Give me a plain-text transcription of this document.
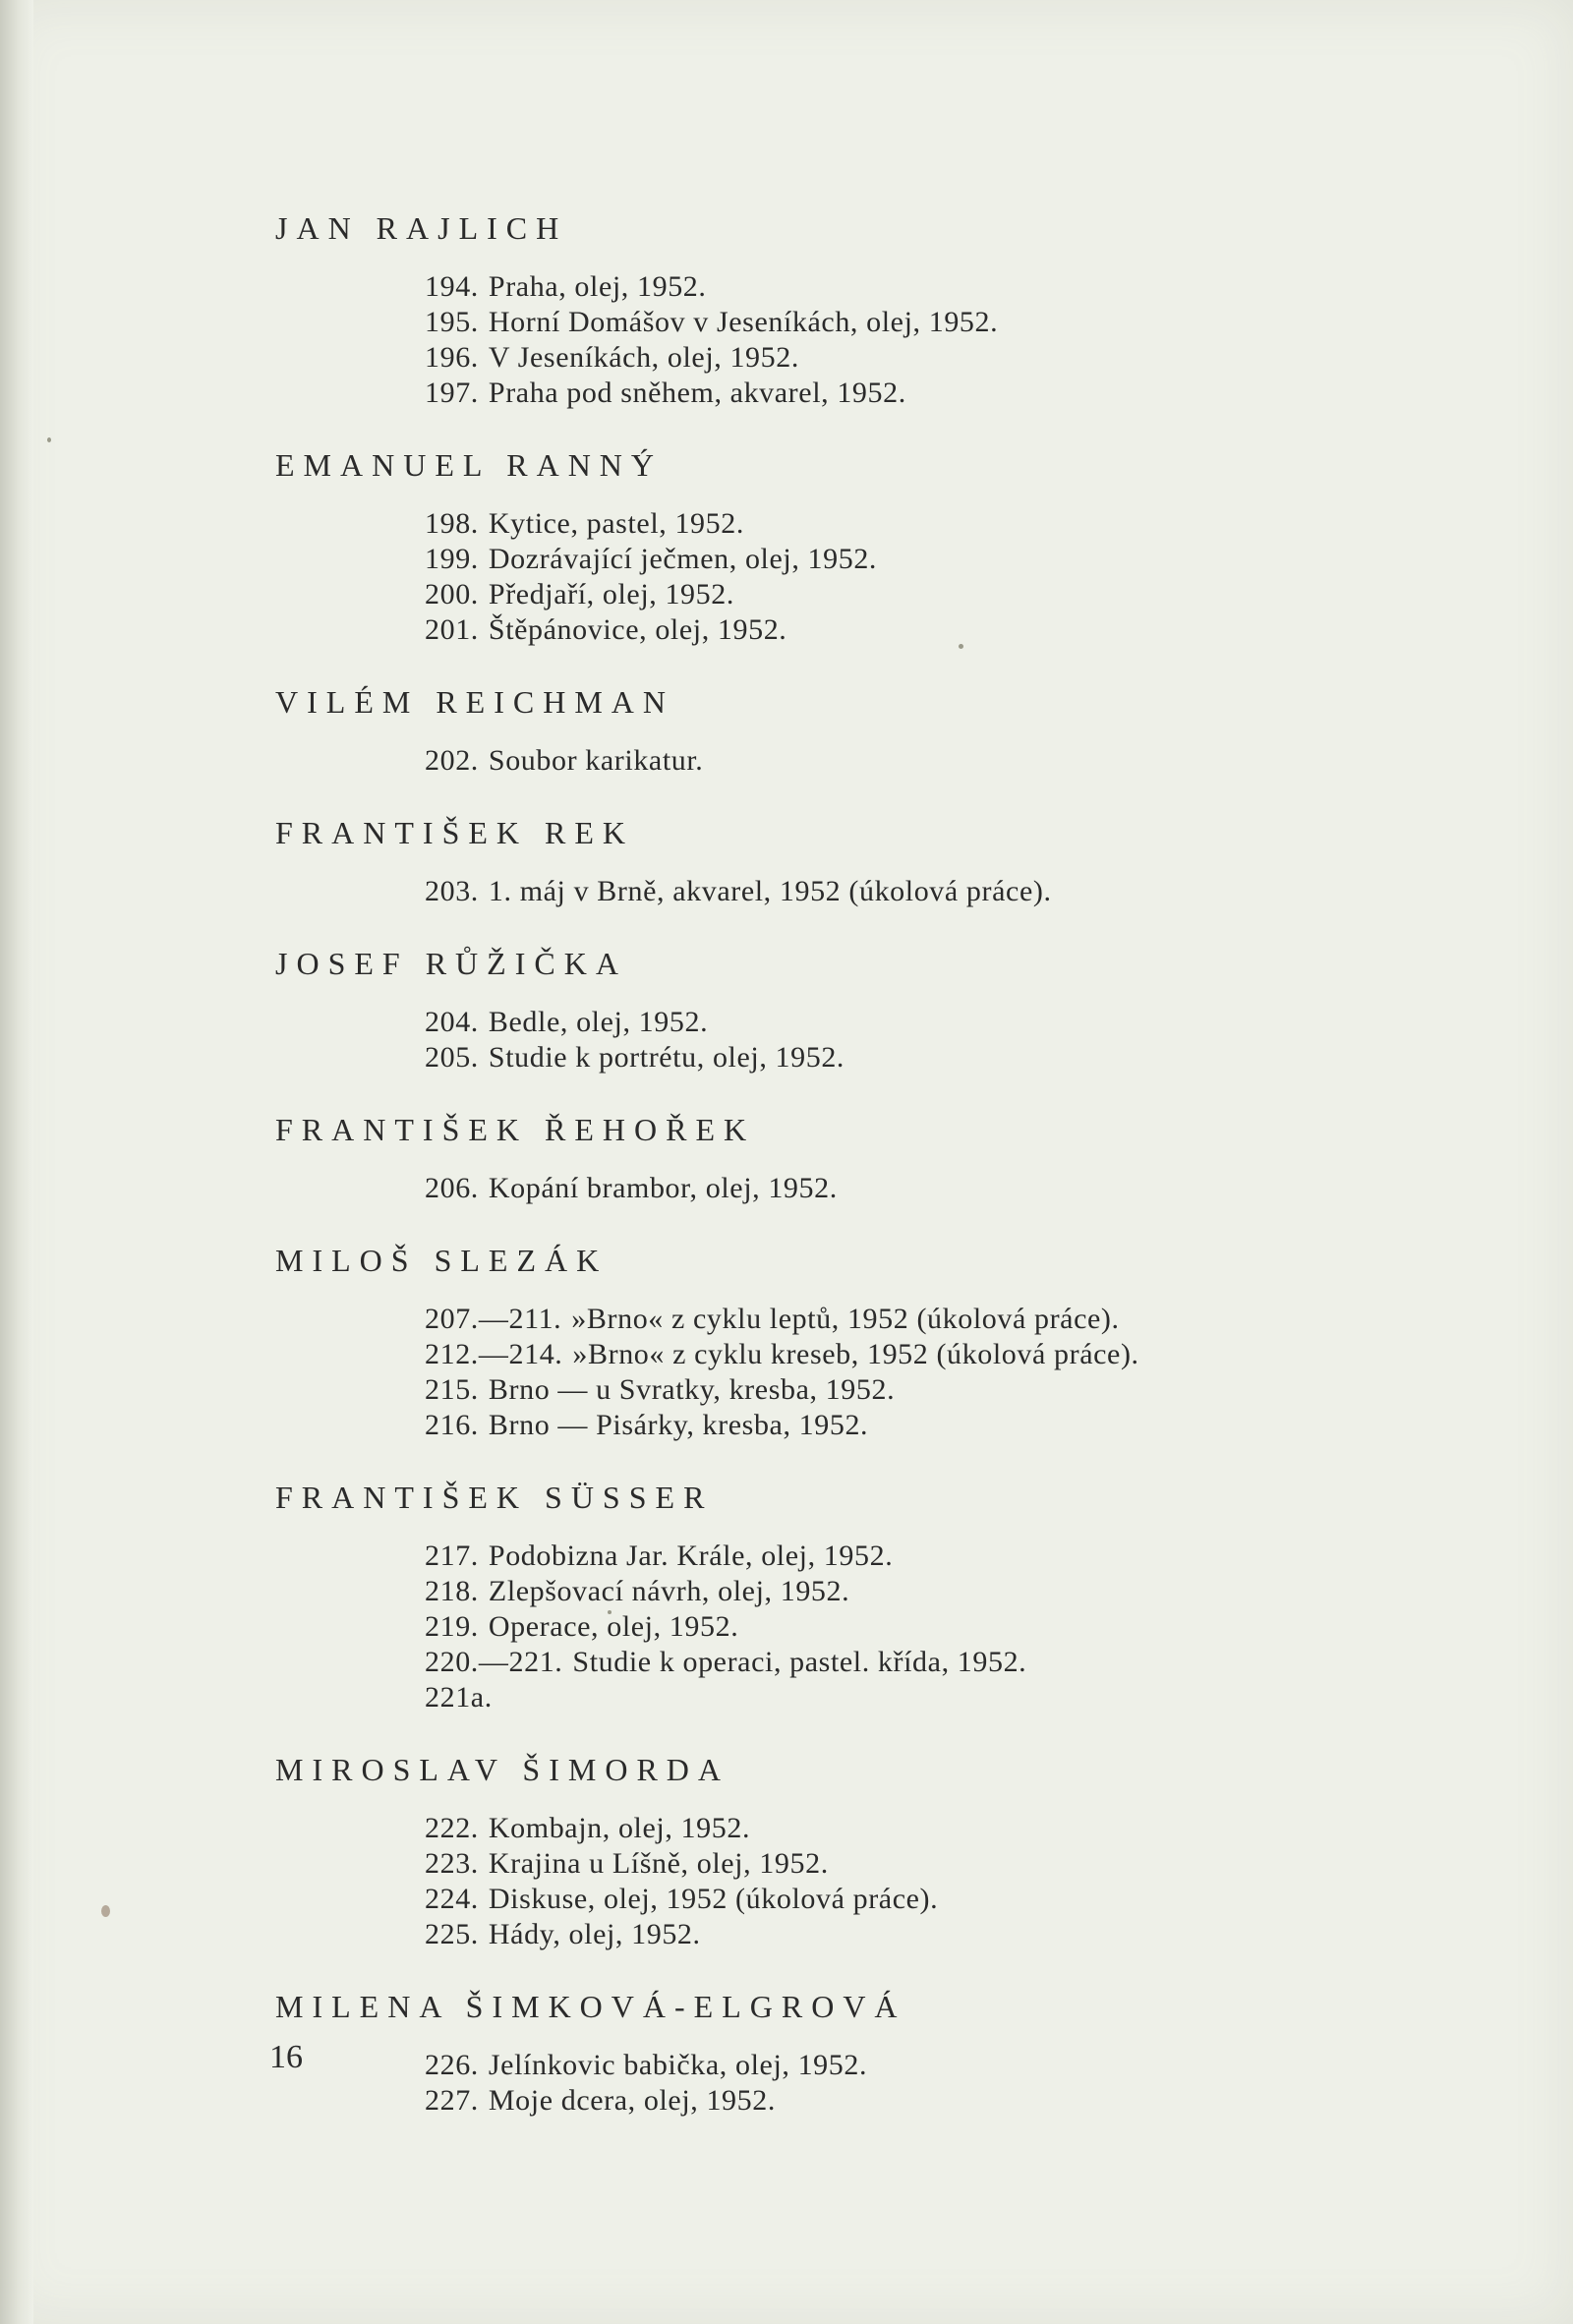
JAN RAJLICH
194. Praha, olej, 1952.
195. Horní Domášov v Jeseníkách, olej, 1952.
196. V Jeseníkách, olej, 1952.
197. Praha pod sněhem, akvarel, 1952.
EMANUEL RANNÝ
198. Kytice, pastel, 1952.
199. Dozrávající ječmen, olej, 1952.
200. Předjaří, olej, 1952.
201. Štěpánovice, olej, 1952.
VILÉM REICHMAN
202. Soubor karikatur.
FRANTIŠEK REK
203. 1. máj v Brně, akvarel, 1952 (úkolová práce).
JOSEF RŮŽIČKA
204. Bedle, olej, 1952.
205. Studie k portrétu, olej, 1952.
FRANTIŠEK ŘEHOŘEK
206. Kopání brambor, olej, 1952.
MILOŠ SLEZÁK
207.—211. »Brno« z cyklu leptů, 1952 (úkolová práce).
212.—214. »Brno« z cyklu kreseb, 1952 (úkolová práce).
215. Brno — u Svratky, kresba, 1952.
216. Brno — Pisárky, kresba, 1952.
FRANTIŠEK SÜSSER
217. Podobizna Jar. Krále, olej, 1952.
218. Zlepšovací návrh, olej, 1952.
219. Operace, olej, 1952.
220.—221. Studie k operaci, pastel. křída, 1952.
221a.
MIROSLAV ŠIMORDA
222. Kombajn, olej, 1952.
223. Krajina u Líšně, olej, 1952.
224. Diskuse, olej, 1952 (úkolová práce).
225. Hády, olej, 1952.
MILENA ŠIMKOVÁ-ELGROVÁ
226. Jelínkovic babička, olej, 1952.
227. Moje dcera, olej, 1952.
16
